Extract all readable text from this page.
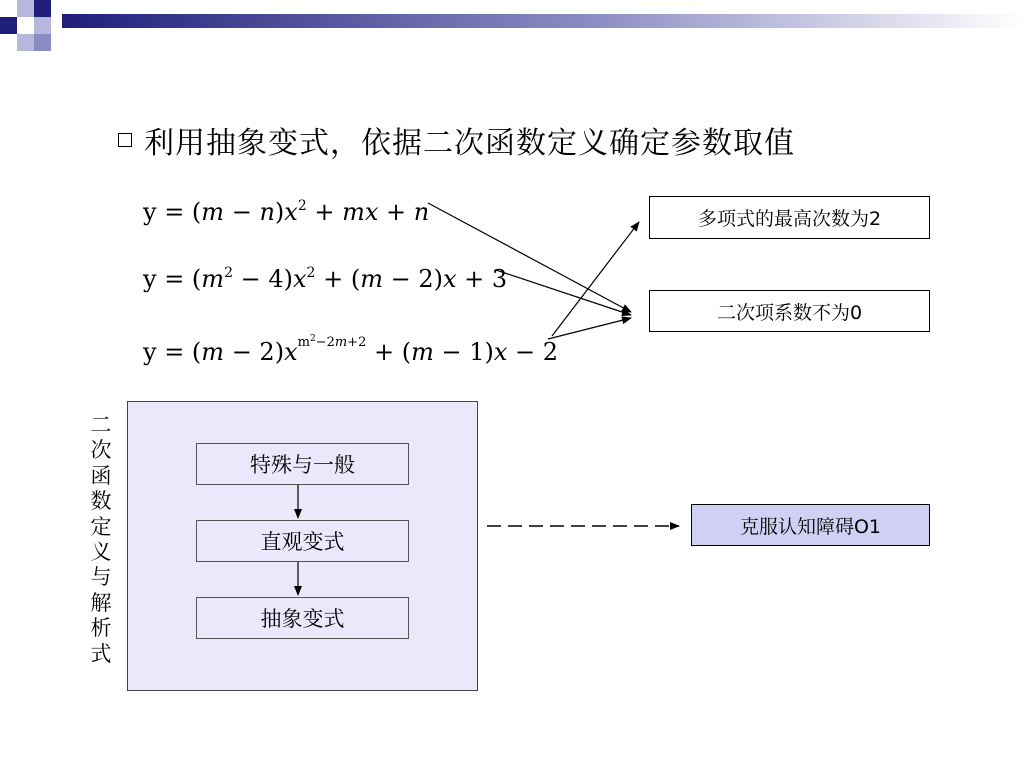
利用抽象变式，依据二次函数定义确定参数取值
$y = (m - n)x^2$ + mx + n
$y = (m^2 - 4)x^2 + (m - 2)x + 3$
$y = (m - 2)x^{m^2-2m+2} + (m - 1)x - 2$
多项式的最高次数为2
二次项系数不为0
克服认知障碍O1
二次函数定义与解析式
特殊与一般
直观变式
抽象变式
